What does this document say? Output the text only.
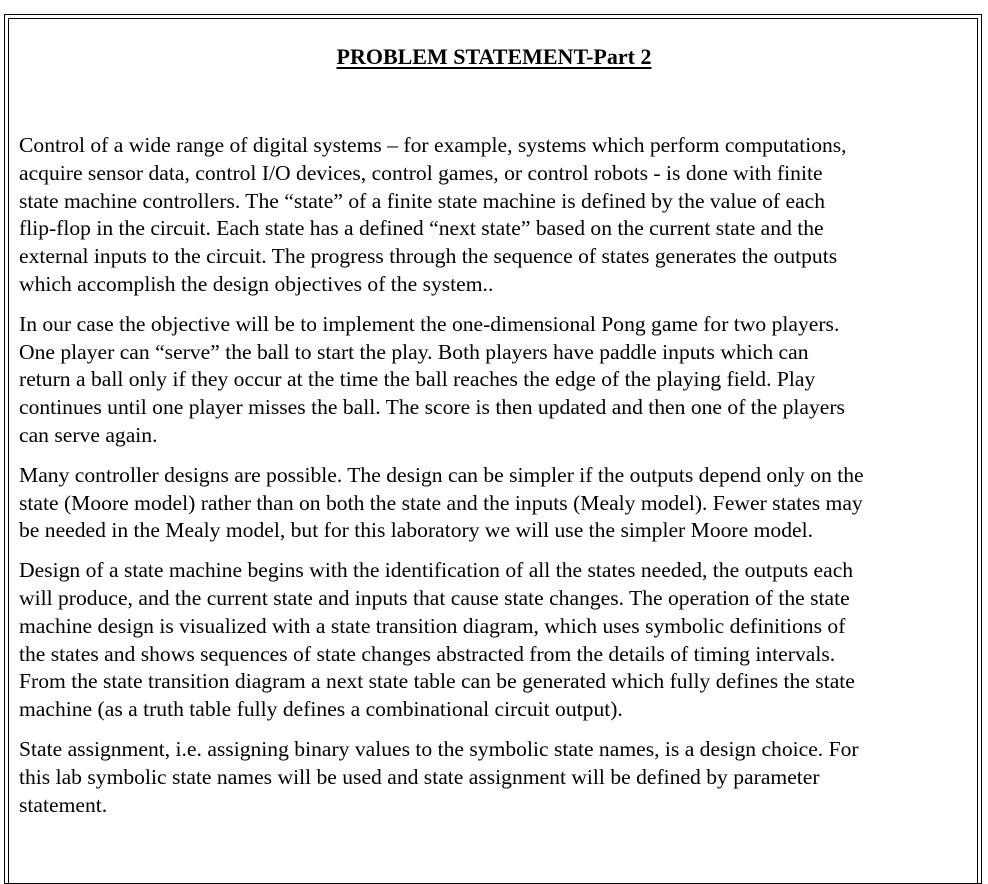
PROBLEM STATEMENT-Part 2

Control of a wide range of digital systems – for example, systems which perform computations,
acquire sensor data, control I/O devices, control games, or control robots - is done with finite
state machine controllers. The “state” of a finite state machine is defined by the value of each
flip-flop in the circuit. Each state has a defined “next state” based on the current state and the
external inputs to the circuit. The progress through the sequence of states generates the outputs
which accomplish the design objectives of the system..

In our case the objective will be to implement the one-dimensional Pong game for two players.
One player can “serve” the ball to start the play. Both players have paddle inputs which can
return a ball only if they occur at the time the ball reaches the edge of the playing field. Play
continues until one player misses the ball. The score is then updated and then one of the players
can serve again.

Many controller designs are possible. The design can be simpler if the outputs depend only on the
state (Moore model) rather than on both the state and the inputs (Mealy model). Fewer states may
be needed in the Mealy model, but for this laboratory we will use the simpler Moore model.

Design of a state machine begins with the identification of all the states needed, the outputs each
will produce, and the current state and inputs that cause state changes. The operation of the state
machine design is visualized with a state transition diagram, which uses symbolic definitions of
the states and shows sequences of state changes abstracted from the details of timing intervals.
From the state transition diagram a next state table can be generated which fully defines the state
machine (as a truth table fully defines a combinational circuit output).

State assignment, i.e. assigning binary values to the symbolic state names, is a design choice. For
this lab symbolic state names will be used and state assignment will be defined by parameter
statement.
